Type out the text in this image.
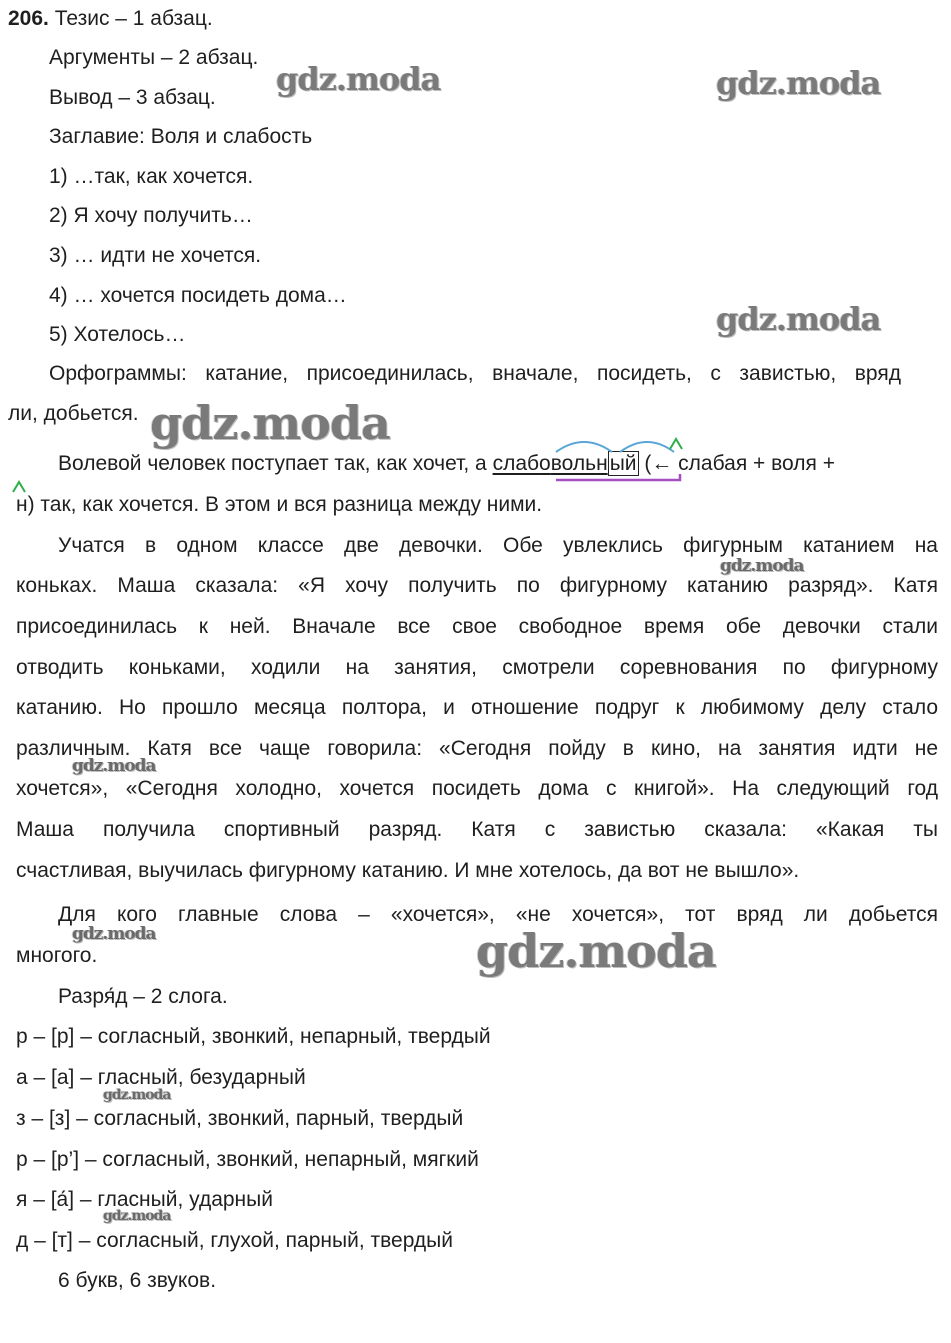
206. Тезис – 1 абзац.
Аргументы – 2 абзац.
Вывод – 3 абзац.
Заглавие: Воля и слабость
1) …так, как хочется.
2) Я хочу получить…
3) … идти не хочется.
4) … хочется посидеть дома…
5) Хотелось…
Орфограммы: катание, присоединилась, вначале, посидеть, с завистью, вряд
ли, добьется.
Волевой человек поступает так, как хочет, а слабовольный (← слабая + воля +
н) так, как хочется. В этом и вся разница между ними.
Учатся в одном классе две девочки. Обе увлеклись фигурным катанием на
коньках. Маша сказала: «Я хочу получить по фигурному катанию разряд». Катя
присоединилась к ней. Вначале все свое свободное время обе девочки стали
отводить коньками, ходили на занятия, смотрели соревнования по фигурному
катанию. Но прошло месяца полтора, и отношение подруг к любимому делу стало
различным. Катя все чаще говорила: «Сегодня пойду в кино, на занятия идти не
хочется», «Сегодня холодно, хочется посидеть дома с книгой». На следующий год
Маша получила спортивный разряд. Катя с завистью сказала: «Какая ты
счастливая, выучилась фигурному катанию. И мне хотелось, да вот не вышло».
Для кого главные слова – «хочется», «не хочется», тот вряд ли добьется
многого.
Разря́д – 2 слога.
р – [р] – согласный, звонкий, непарный, твердый
а – [а] – гласный, безударный
з – [з] – согласный, звонкий, парный, твердый
р – [р’] – согласный, звонкий, непарный, мягкий
я – [а́] – гласный, ударный
д – [т] – согласный, глухой, парный, твердый
6 букв, 6 звуков.
gdz.moda	gdz.moda
gdz.moda
gdz.moda
gdz.moda
gdz.moda
gdz.moda	gdz.moda
gdz.moda
gdz.moda
